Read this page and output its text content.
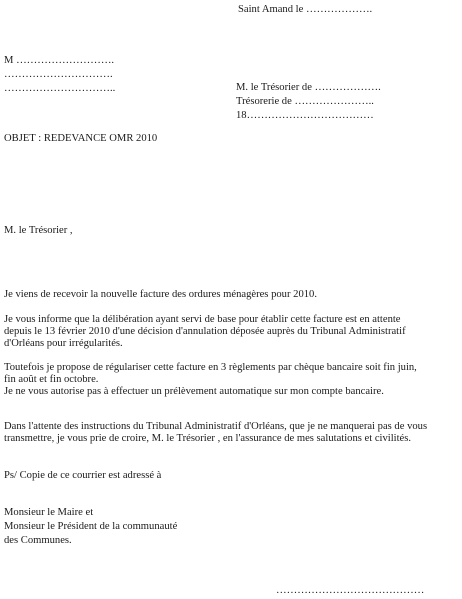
Saint Amand le ……………….
M ……………………….
………………………….
…………………………..	M. le Trésorier de ……………….
Trésorerie de …………………..
18………………………………
OBJET : REDEVANCE OMR 2010
M. le Trésorier ,
Je viens de recevoir la nouvelle facture des ordures ménagères pour 2010.
Je vous informe que la délibération ayant servi de base pour établir cette facture est en attente
depuis le 13 février 2010 d'une décision d'annulation déposée auprès du Tribunal Administratif
d'Orléans pour irrégularités.
Toutefois je propose de régulariser cette facture en 3 règlements par chèque bancaire soit fin juin,
fin août et fin octobre.
Je ne vous autorise pas à effectuer un prélèvement automatique sur mon compte bancaire.
Dans l'attente des instructions du Tribunal Administratif d'Orléans, que je ne manquerai pas de vous
transmettre, je vous prie de croire, M. le Trésorier , en l'assurance de mes salutations et civilités.
Ps/ Copie de ce courrier est adressé à
Monsieur le Maire et
Monsieur le Président de la communauté
des Communes.
……………………………………
